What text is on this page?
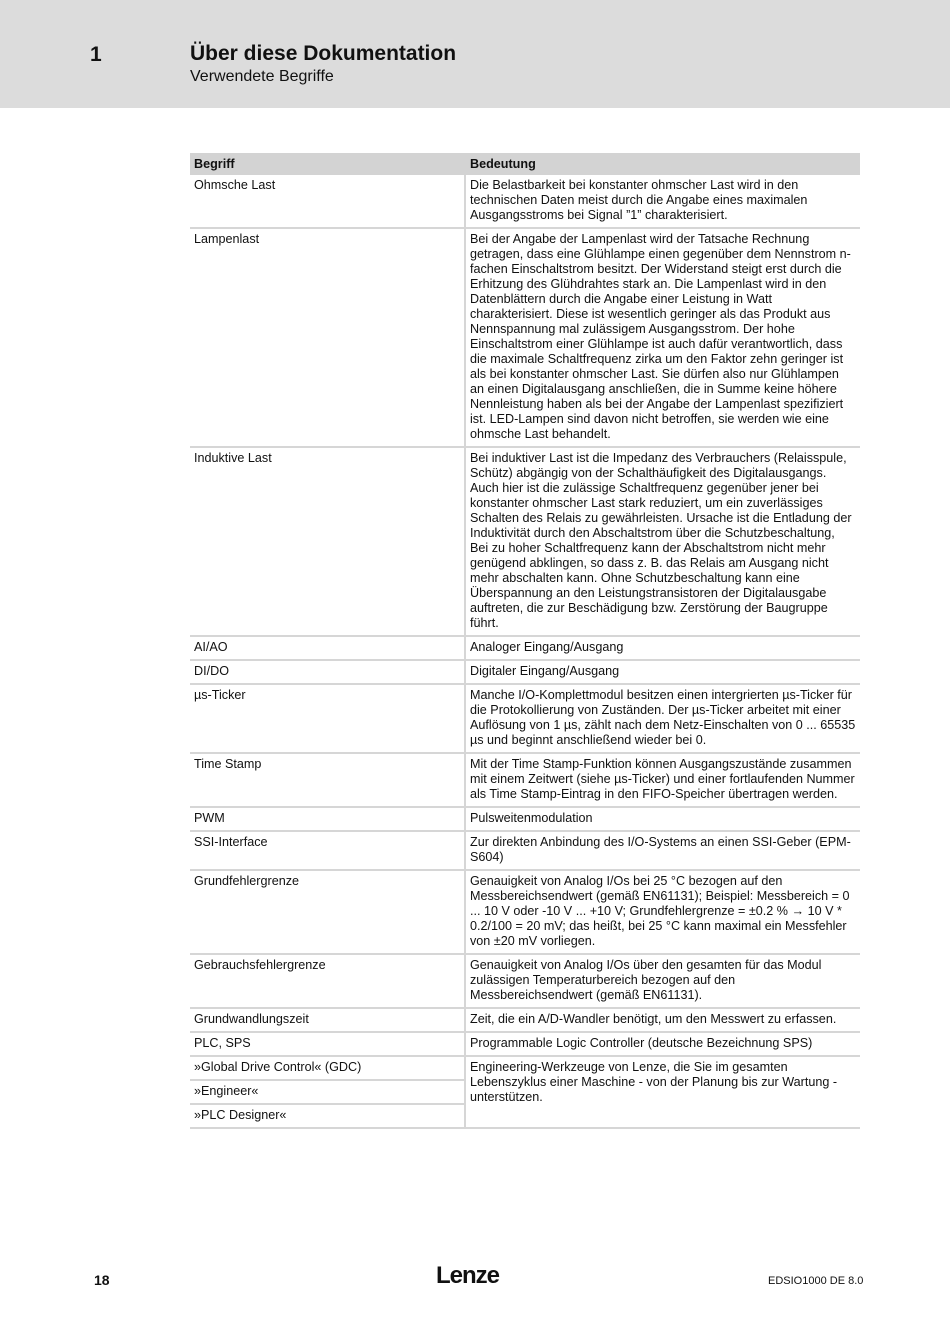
1	Über diese Dokumentation
Verwendete Begriffe
Begriff	Bedeutung
Ohmsche Last	Die Belastbarkeit bei konstanter ohmscher Last wird in den technischen Daten meist durch die Angabe eines maximalen Ausgangsstroms bei Signal ”1” charakterisiert.
Lampenlast	Bei der Angabe der Lampenlast wird der Tatsache Rechnung getragen, dass eine Glühlampe einen gegenüber dem Nennstrom n-fachen Einschaltstrom besitzt. Der Widerstand steigt erst durch die Erhitzung des Glühdrahtes stark an. Die Lampenlast wird in den Datenblättern durch die Angabe einer Leistung in Watt charakterisiert. Diese ist wesentlich geringer als das Produkt aus Nennspannung mal zulässigem Ausgangsstrom. Der hohe Einschaltstrom einer Glühlampe ist auch dafür verantwortlich, dass die maximale Schaltfrequenz zirka um den Faktor zehn geringer ist als bei konstanter ohmscher Last. Sie dürfen also nur Glühlampen an einen Digitalausgang anschließen, die in Summe keine höhere Nennleistung haben als bei der Angabe der Lampenlast spezifiziert ist. LED-Lampen sind davon nicht betroffen, sie werden wie eine ohmsche Last behandelt.
Induktive Last	Bei induktiver Last ist die Impedanz des Verbrauchers (Relaisspule, Schütz) abgängig von der Schalthäufigkeit des Digitalausgangs. Auch hier ist die zulässige Schaltfrequenz gegenüber jener bei konstanter ohmscher Last stark reduziert, um ein zuverlässiges Schalten des Relais zu gewährleisten. Ursache ist die Entladung der Induktivität durch den Abschaltstrom über die Schutzbeschaltung, Bei zu hoher Schaltfrequenz kann der Abschaltstrom nicht mehr genügend abklingen, so dass z. B. das Relais am Ausgang nicht mehr abschalten kann. Ohne Schutzbeschaltung kann eine Überspannung an den Leistungstransistoren der Digitalausgabe auftreten, die zur Beschädigung bzw. Zerstörung der Baugruppe führt.
AI/AO	Analoger Eingang/Ausgang
DI/DO	Digitaler Eingang/Ausgang
µs-Ticker	Manche I/O-Komplettmodul besitzen einen intergrierten µs-Ticker für die Protokollierung von Zuständen. Der µs-Ticker arbeitet mit einer Auflösung von 1 µs, zählt nach dem Netz-Einschalten von 0 ... 65535 µs und beginnt anschließend wieder bei 0.
Time Stamp	Mit der Time Stamp-Funktion können Ausgangszustände zusammen mit einem Zeitwert (siehe µs-Ticker) und einer fortlaufenden Nummer als Time Stamp-Eintrag in den FIFO-Speicher übertragen werden.
PWM	Pulsweitenmodulation
SSI-Interface	Zur direkten Anbindung des I/O-Systems an einen SSI-Geber (EPM-S604)
Grundfehlergrenze	Genauigkeit von Analog I/Os bei 25 °C bezogen auf den Messbereichsendwert (gemäß EN61131); Beispiel: Messbereich = 0 ... 10 V oder -10 V ... +10 V; Grundfehlergrenze = ±0.2 % → 10 V * 0.2/100 = 20 mV; das heißt, bei 25 °C kann maximal ein Messfehler von ±20 mV vorliegen.
Gebrauchsfehlergrenze	Genauigkeit von Analog I/Os über den gesamten für das Modul zulässigen Temperaturbereich bezogen auf den Messbereichsendwert (gemäß EN61131).
Grundwandlungszeit	Zeit, die ein A/D-Wandler benötigt, um den Messwert zu erfassen.
PLC, SPS	Programmable Logic Controller (deutsche Bezeichnung SPS)
»Global Drive Control« (GDC)	Engineering-Werkzeuge von Lenze, die Sie im gesamten Lebenszyklus einer Maschine - von der Planung bis zur Wartung - unterstützen.
»Engineer«	
»PLC Designer«	
18	Lenze	EDSIO1000 DE 8.0
